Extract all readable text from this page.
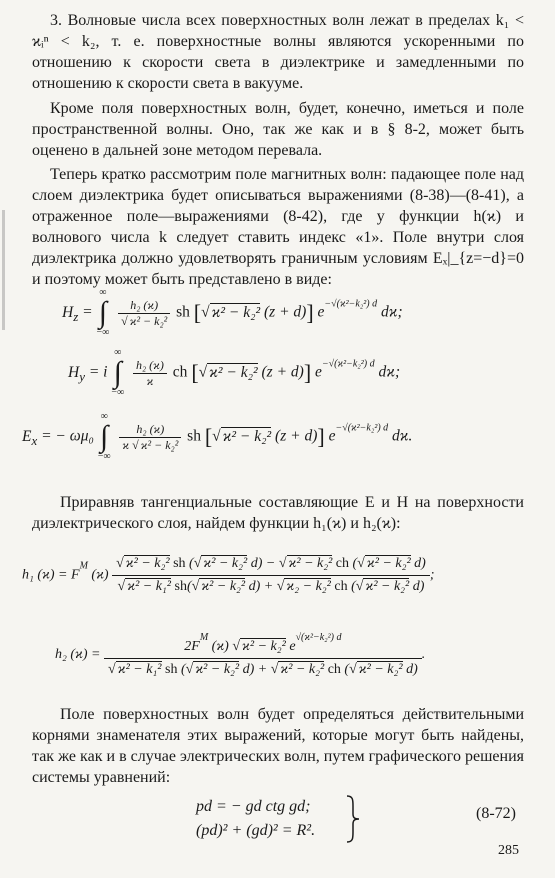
3. Волновые числа всех поверхностных волн лежат в пределах k₁ < ϰᵢⁿ < k₂, т. е. поверхностные волны являются ускоренными по отношению к скорости света в диэлектрике и замедленными по отношению к скорости света в вакууме.

Кроме поля поверхностных волн, будет, конечно, иметься и поле пространственной волны. Оно, так же как и в § 8-2, может быть оценено в дальней зоне методом перевала.

Теперь кратко рассмотрим поле магнитных волн: падающее поле над слоем диэлектрика будет описываться выражениями (8-38)—(8-41), а отраженное поле—выражениями (8-42), где у функции h(ϰ) и волнового числа k следует ставить индекс «1». Поле внутри слоя диэлектрика должно удовлетворять граничным условиям Eₓ|_{z=−d}=0 и поэтому может быть представлено в виде:

$H_z$ =
∞
∫
−∞

$\frac{\text{h₂ (ϰ)}}{\text{√ ϰ² − k₂²}}$ sh [√ ϰ² − k₂² (z + d)] $e^{-√(ϰ^2-k_2^2) d}$ dϰ;
$H_y = i$
∞
∫
−∞

$\frac{\text{h₂ (ϰ)}}{ϰ}$ ch [√ ϰ² − k₂² (z + d)] $e^{-√(ϰ^2-k_2^2) d}$ dϰ;
$E_x$ = − ωμ₀
∞
∫
−∞

$\frac{\text{h₂ (ϰ)}}{\text{ϰ √ ϰ² − k₂²}}$ sh [√ ϰ² − k₂² (z + d)] $e^{-√(ϰ^2-k_2^2) d}$ dϰ.

Приравняв тангенциальные составляющие E и H на поверхности диэлектрического слоя, найдем функции h₁(ϰ) и h₂(ϰ):

h₁ $(ϰ) = F^M$ $(ϰ) \frac{\text{√ ϰ² − k₂² sh (√ ϰ² − k₂² d) − √ ϰ² − k₂² ch (√ ϰ² − k₂² d)}}{\text{√ ϰ² − k₁² sh(√ ϰ² − k₂² d) + √ ϰ₂ − k₂² ch (√ ϰ² − k₂² d)}}$ ;
h₂ $(ϰ) = \frac{2F^M (ϰ) √ ϰ^2 - k_2^2 e^{√(ϰ^2-k_2^2) d}}{\text{√ ϰ² − k₁² sh (√ ϰ² − k₂² d) + √ ϰ² − k₂² ch (√ ϰ² − k₂² d)}}$ .

Поле поверхностных волн будет определяться действительными корнями знаменателя этих выражений, которые могут быть найдены, так же как и в случае электрических волн, путем графического решения системы уравнений:

pd = − gd ctg gd;
(pd)² + (gd)² = R².
(8-72)
285
